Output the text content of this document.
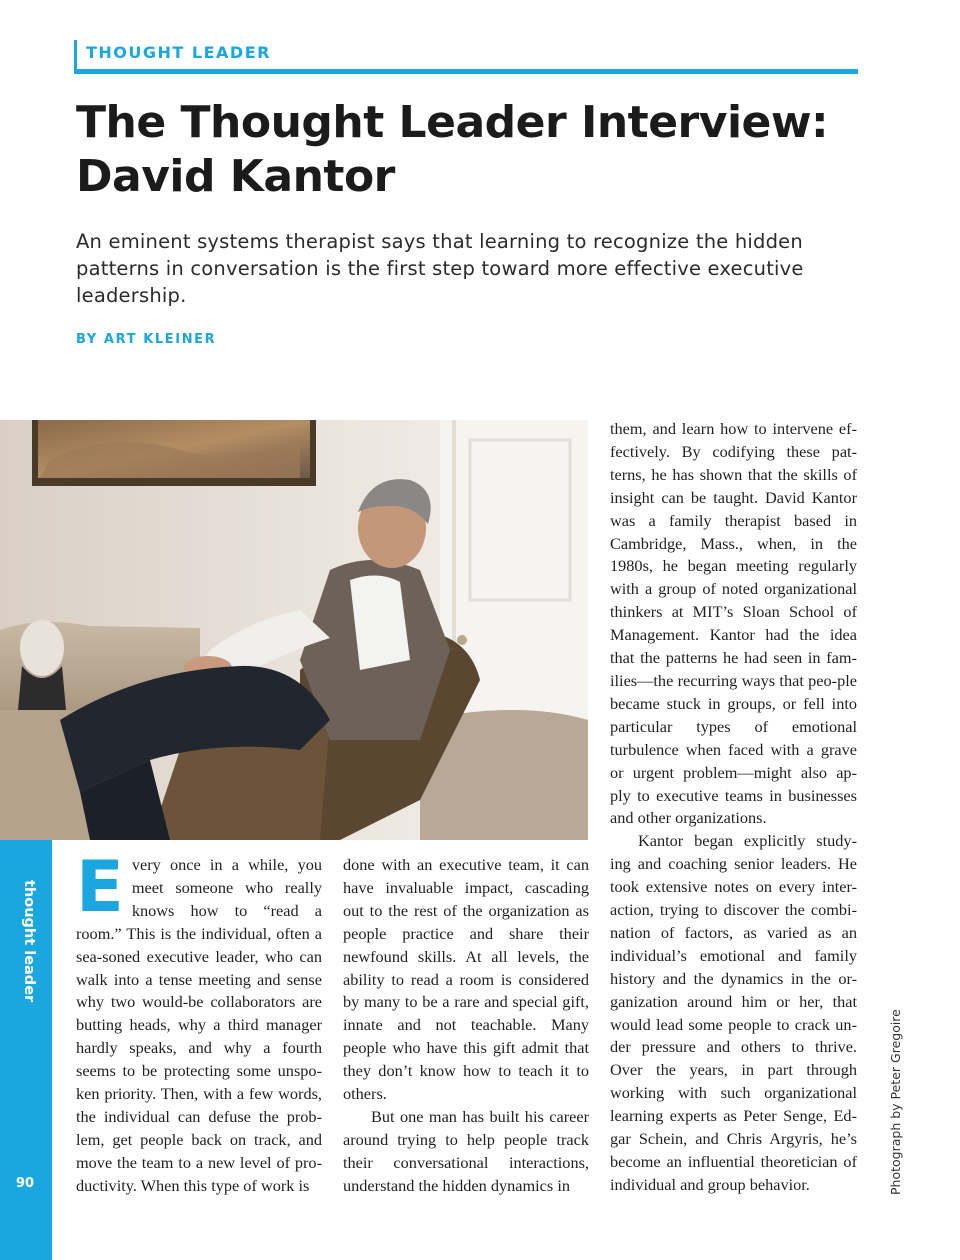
THOUGHT LEADER
The Thought Leader Interview: David Kantor

An eminent systems therapist says that learning to recognize the hidden patterns in conversation is the first step toward more effective executive leadership.

BY ART KLEINER
thought leader
90

E very once in a while, you meet someone who really knows how to “read a room.” This is the individual, often a sea-soned executive leader, who can walk into a tense meeting and sense why two would-be collaborators are butting heads, why a third manager hardly speaks, and why a fourth seems to be protecting some unspo-ken priority. Then, with a few words, the individual can defuse the prob-lem, get people back on track, and move the team to a new level of pro-ductivity. When this type of work is

done with an executive team, it can have invaluable impact, cascading out to the rest of the organization as people practice and share their newfound skills. At all levels, the ability to read a room is considered by many to be a rare and special gift, innate and not teachable. Many people who have this gift admit that they don’t know how to teach it to others.

But one man has built his career around trying to help people track their conversational interactions, understand the hidden dynamics in

them, and learn how to intervene ef-fectively. By codifying these pat-terns, he has shown that the skills of insight can be taught. David Kantor was a family therapist based in Cambridge, Mass., when, in the 1980s, he began meeting regularly with a group of noted organizational thinkers at MIT’s Sloan School of Management. Kantor had the idea that the patterns he had seen in fam-ilies—the recurring ways that peo-ple became stuck in groups, or fell into particular types of emotional turbulence when faced with a grave or urgent problem—might also ap-ply to executive teams in businesses and other organizations.

Kantor began explicitly study-ing and coaching senior leaders. He took extensive notes on every inter-action, trying to discover the combi-nation of factors, as varied as an individual’s emotional and family history and the dynamics in the or-ganization around him or her, that would lead some people to crack un-der pressure and others to thrive. Over the years, in part through working with such organizational learning experts as Peter Senge, Ed-gar Schein, and Chris Argyris, he’s become an influential theoretician of individual and group behavior.	Photograph by Peter Gregoire
